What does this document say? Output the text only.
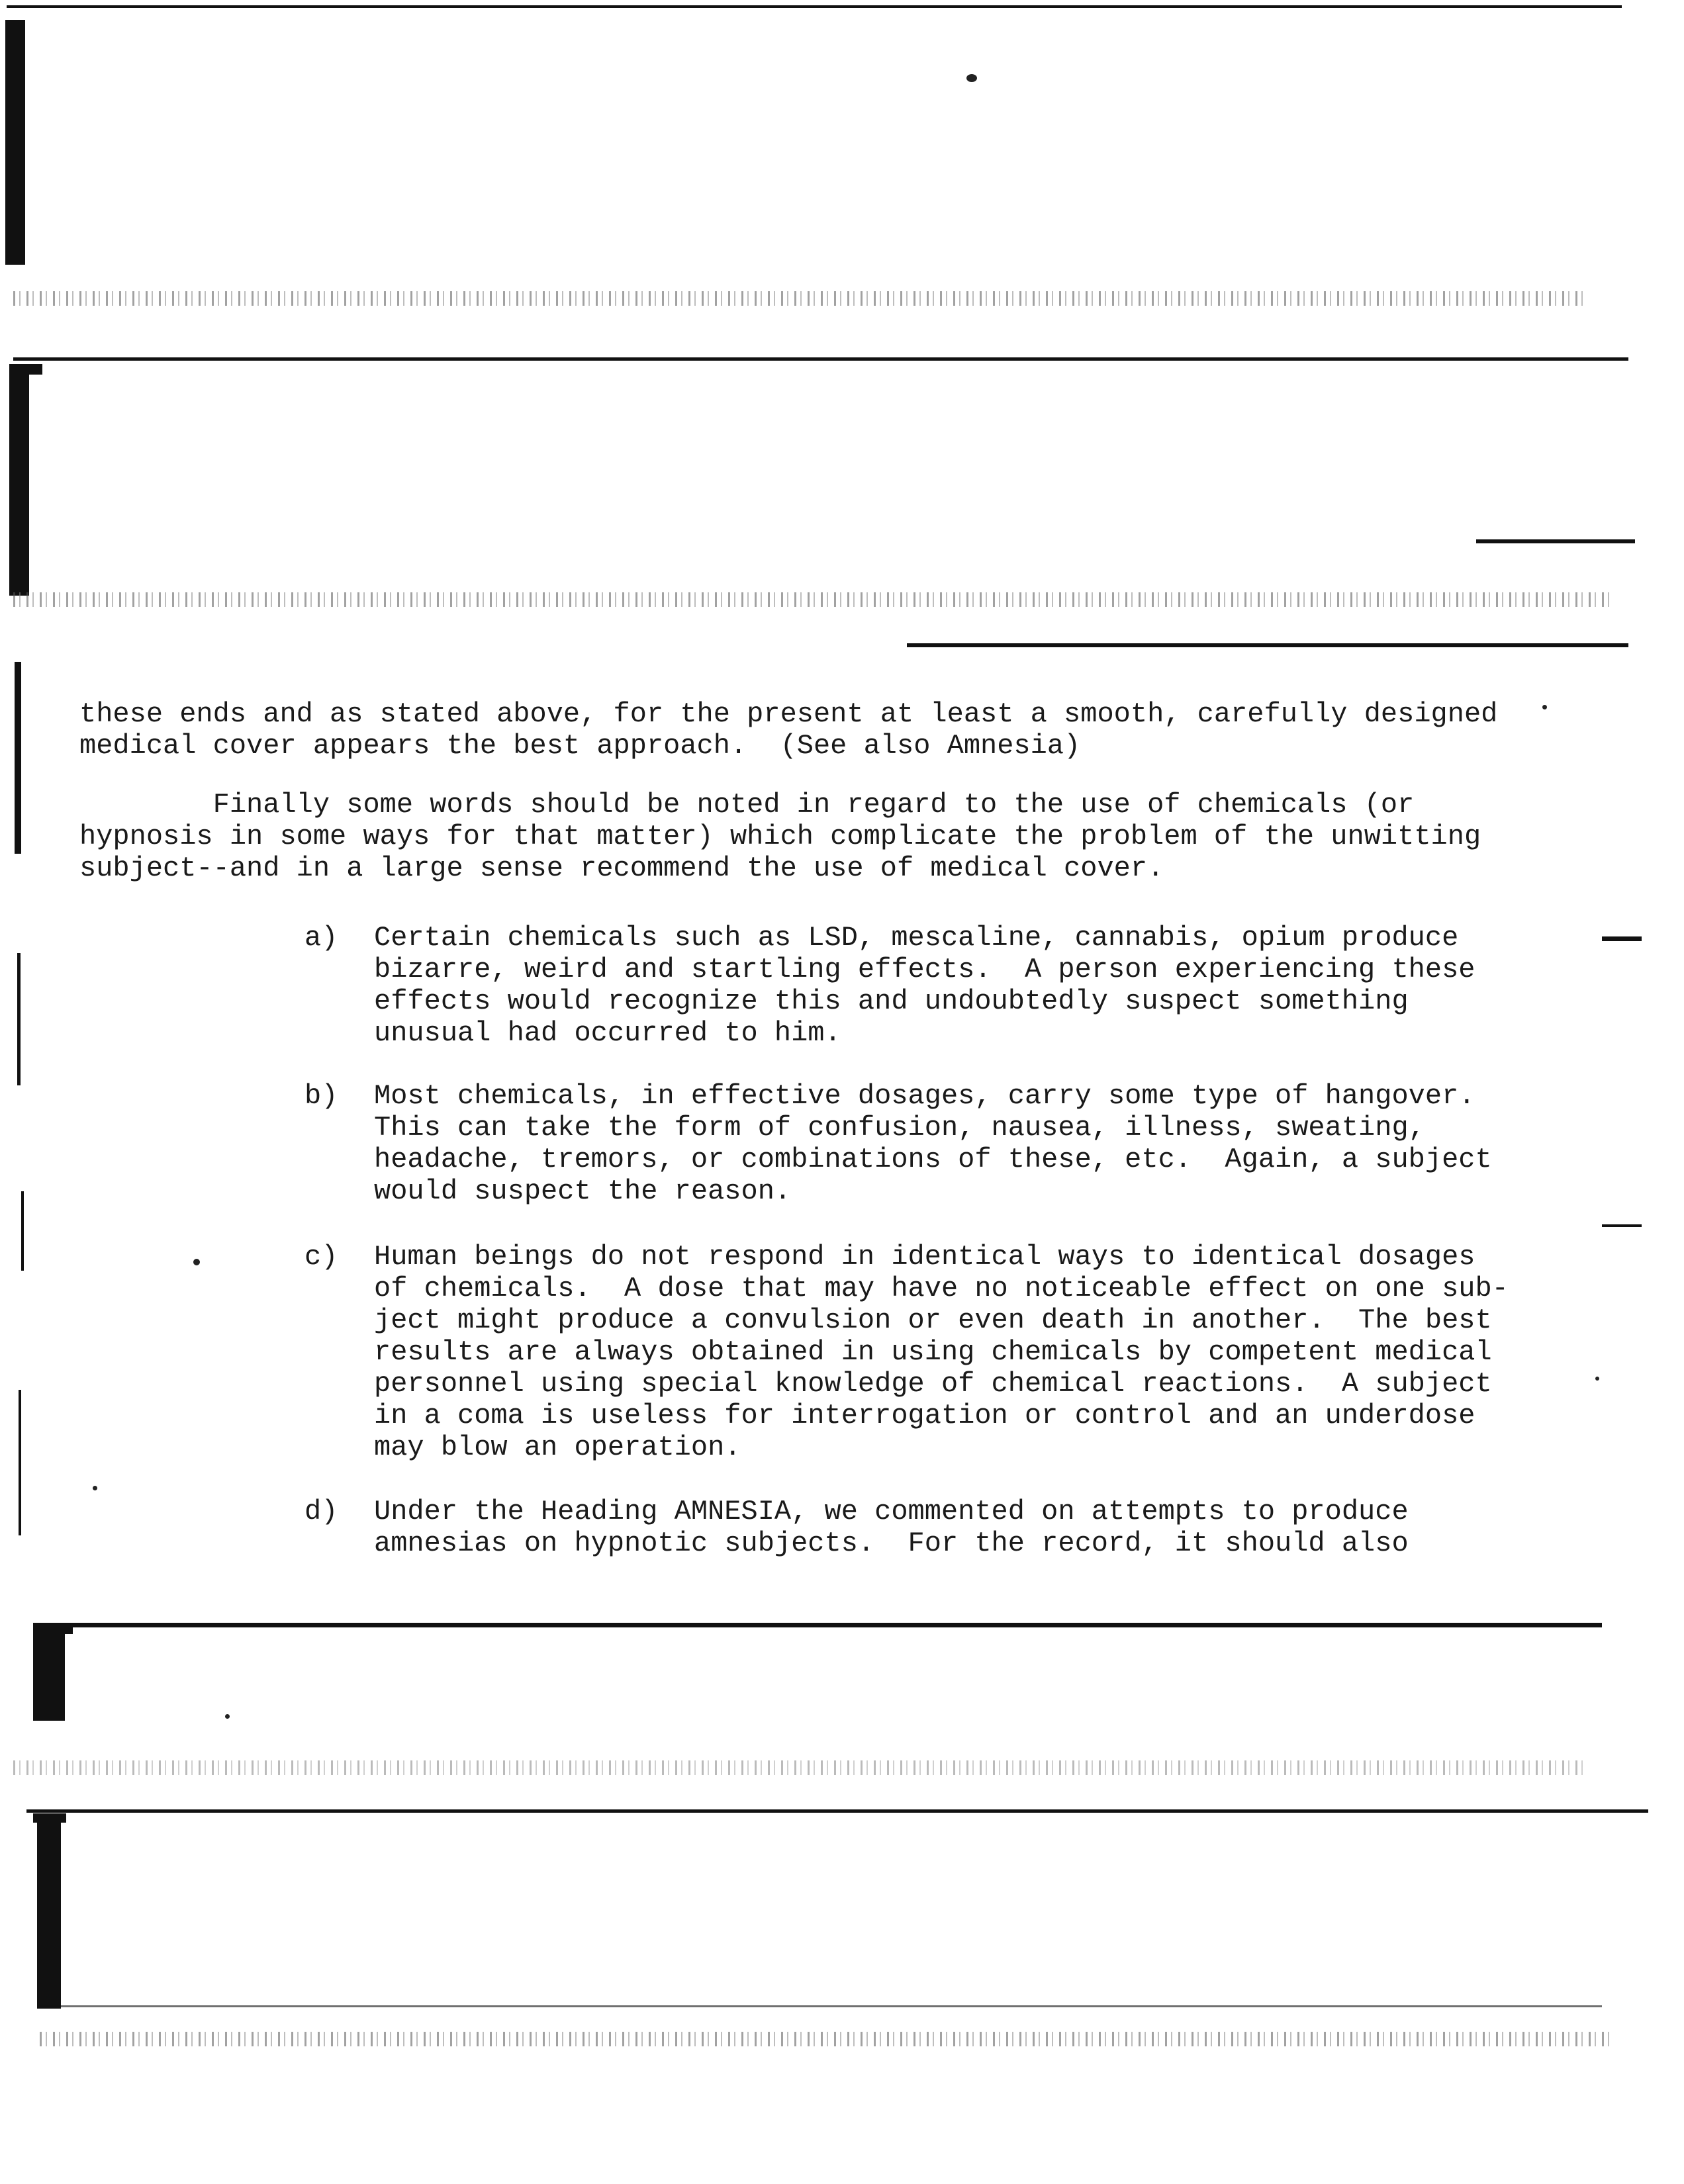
these ends and as stated above, for the present at least a smooth, carefully designed
medical cover appears the best approach.  (See also Amnesia)
Finally some words should be noted in regard to the use of chemicals (or
hypnosis in some ways for that matter) which complicate the problem of the unwitting
subject--and in a large sense recommend the use of medical cover.
a)	Certain chemicals such as LSD, mescaline, cannabis, opium produce
bizarre, weird and startling effects.  A person experiencing these
effects would recognize this and undoubtedly suspect something
unusual had occurred to him.
b)	Most chemicals, in effective dosages, carry some type of hangover.
This can take the form of confusion, nausea, illness, sweating,
headache, tremors, or combinations of these, etc.  Again, a subject
would suspect the reason.
c)	Human beings do not respond in identical ways to identical dosages
of chemicals.  A dose that may have no noticeable effect on one sub-
ject might produce a convulsion or even death in another.  The best
results are always obtained in using chemicals by competent medical
personnel using special knowledge of chemical reactions.  A subject
in a coma is useless for interrogation or control and an underdose
may blow an operation.
d)	Under the Heading AMNESIA, we commented on attempts to produce
amnesias on hypnotic subjects.  For the record, it should also
